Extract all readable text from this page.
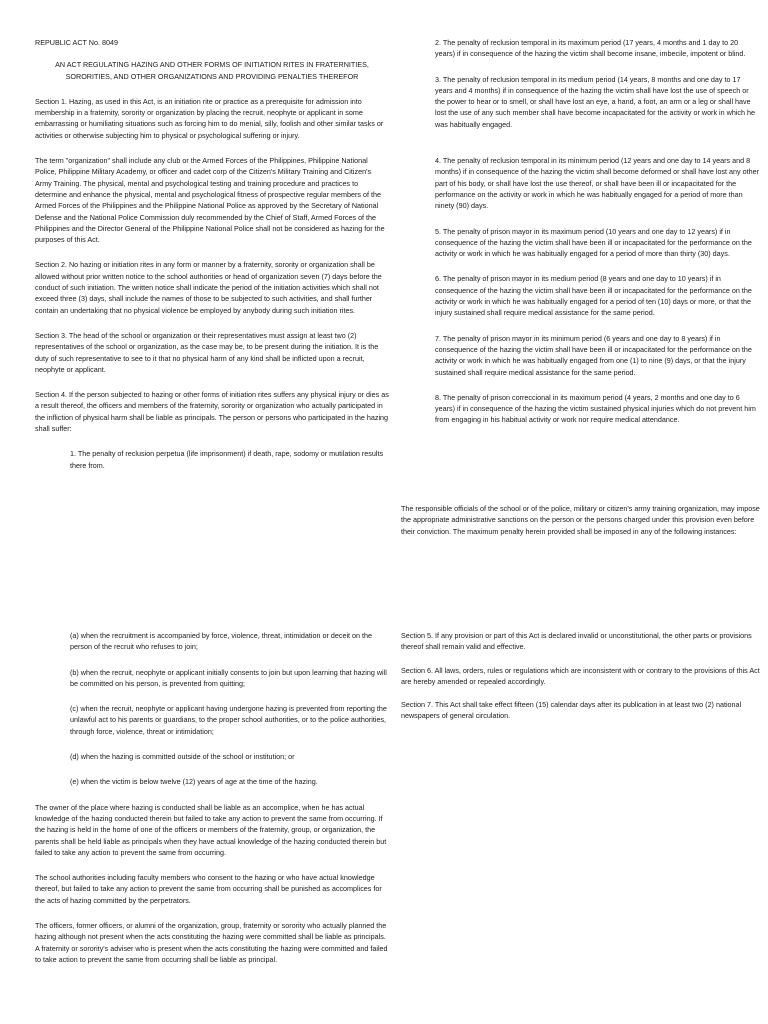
REPUBLIC ACT No. 8049
AN ACT REGULATING HAZING AND OTHER FORMS OF INITIATION RITES IN FRATERNITIES, SORORITIES, AND OTHER ORGANIZATIONS AND PROVIDING PENALTIES THEREFOR

Section 1. Hazing, as used in this Act, is an initiation rite or practice as a prerequisite for admission into membership in a fraternity, sorority or organization by placing the recruit, neophyte or applicant in some embarrassing or humiliating situations such as forcing him to do menial, silly, foolish and other similar tasks or activities or otherwise subjecting him to physical or psychological suffering or injury.

The term "organization" shall include any club or the Armed Forces of the Philippines, Philippine National Police, Philippine Military Academy, or officer and cadet corp of the Citizen's Military Training and Citizen's Army Training. The physical, mental and psychological testing and training procedure and practices to determine and enhance the physical, mental and psychological fitness of prospective regular members of the Armed Forces of the Philippines and the Philippine National Police as approved by the Secretary of National Defense and the National Police Commission duly recommended by the Chief of Staff, Armed Forces of the Philippines and the Director General of the Philippine National Police shall not be considered as hazing for the purposes of this Act.

Section 2. No hazing or initiation rites in any form or manner by a fraternity, sorority or organization shall be allowed without prior written notice to the school authorities or head of organization seven (7) days before the conduct of such initiation. The written notice shall indicate the period of the initiation activities which shall not exceed three (3) days, shall include the names of those to be subjected to such activities, and shall further contain an undertaking that no physical violence be employed by anybody during such initiation rites.

Section 3. The head of the school or organization or their representatives must assign at least two (2) representatives of the school or organization, as the case may be, to be present during the initiation. It is the duty of such representative to see to it that no physical harm of any kind shall be inflicted upon a recruit, neophyte or applicant.

Section 4. If the person subjected to hazing or other forms of initiation rites suffers any physical injury or dies as a result thereof, the officers and members of the fraternity, sorority or organization who actually participated in the infliction of physical harm shall be liable as principals. The person or persons who participated in the hazing shall suffer:

1. The penalty of reclusion perpetua (life imprisonment) if death, rape, sodomy or mutilation results there from.

2. The penalty of reclusion temporal in its maximum period (17 years, 4 months and 1 day to 20 years) if in consequence of the hazing the victim shall become insane, imbecile, impotent or blind.

3. The penalty of reclusion temporal in its medium period (14 years, 8 months and one day to 17 years and 4 months) if in consequence of the hazing the victim shall have lost the use of speech or the power to hear or to smell, or shall have lost an eye, a hand, a foot, an arm or a leg or shall have lost the use of any such member shall have become incapacitated for the activity or work in which he was habitually engaged.

4. The penalty of reclusion temporal in its minimum period (12 years and one day to 14 years and 8 months) if in consequence of the hazing the victim shall become deformed or shall have lost any other part of his body, or shall have lost the use thereof, or shall have been ill or incapacitated for the performance on the activity or work in which he was habitually engaged for a period of more than ninety (90) days.

5. The penalty of prison mayor in its maximum period (10 years and one day to 12 years) if in consequence of the hazing the victim shall have been ill or incapacitated for the performance on the activity or work in which he was habitually engaged for a period of more than thirty (30) days.

6. The penalty of prison mayor in its medium period (8 years and one day to 10 years) if in consequence of the hazing the victim shall have been ill or incapacitated for the performance on the activity or work in which he was habitually engaged for a period of ten (10) days or more, or that the injury sustained shall require medical assistance for the same period.

7. The penalty of prison mayor in its minimum period (6 years and one day to 8 years) if in consequence of the hazing the victim shall have been ill or incapacitated for the performance on the activity or work in which he was habitually engaged from one (1) to nine (9) days, or that the injury sustained shall require medical assistance for the same period.

8. The penalty of prison correccional in its maximum period (4 years, 2 months and one day to 6 years) if in consequence of the hazing the victim sustained physical injuries which do not prevent him from engaging in his habitual activity or work nor require medical attendance.

The responsible officials of the school or of the police, military or citizen's army training organization, may impose the appropriate administrative sanctions on the person or the persons charged under this provision even before their conviction. The maximum penalty herein provided shall be imposed in any of the following instances:

(a) when the recruitment is accompanied by force, violence, threat, intimidation or deceit on the person of the recruit who refuses to join;

(b) when the recruit, neophyte or applicant initially consents to join but upon learning that hazing will be committed on his person, is prevented from quitting;

(c) when the recruit, neophyte or applicant having undergone hazing is prevented from reporting the unlawful act to his parents or guardians, to the proper school authorities, or to the police authorities, through force, violence, threat or intimidation;

(d) when the hazing is committed outside of the school or institution; or

(e) when the victim is below twelve (12) years of age at the time of the hazing.

The owner of the place where hazing is conducted shall be liable as an accomplice, when he has actual knowledge of the hazing conducted therein but failed to take any action to prevent the same from occurring. If the hazing is held in the home of one of the officers or members of the fraternity, group, or organization, the parents shall be held liable as principals when they have actual knowledge of the hazing conducted therein but failed to take any action to prevent the same from occurring.

The school authorities including faculty members who consent to the hazing or who have actual knowledge thereof, but failed to take any action to prevent the same from occurring shall be punished as accomplices for the acts of hazing committed by the perpetrators.

The officers, former officers, or alumni of the organization, group, fraternity or sorority who actually planned the hazing although not present when the acts constituting the hazing were committed shall be liable as principals. A fraternity or sorority's adviser who is present when the acts constituting the hazing were committed and failed to take action to prevent the same from occurring shall be liable as principal.

Section 5. If any provision or part of this Act is declared invalid or unconstitutional, the other parts or provisions thereof shall remain valid and effective.

Section 6. All laws, orders, rules or regulations which are inconsistent with or contrary to the provisions of this Act are hereby amended or repealed accordingly.

Section 7. This Act shall take effect fifteen (15) calendar days after its publication in at least two (2) national newspapers of general circulation.
